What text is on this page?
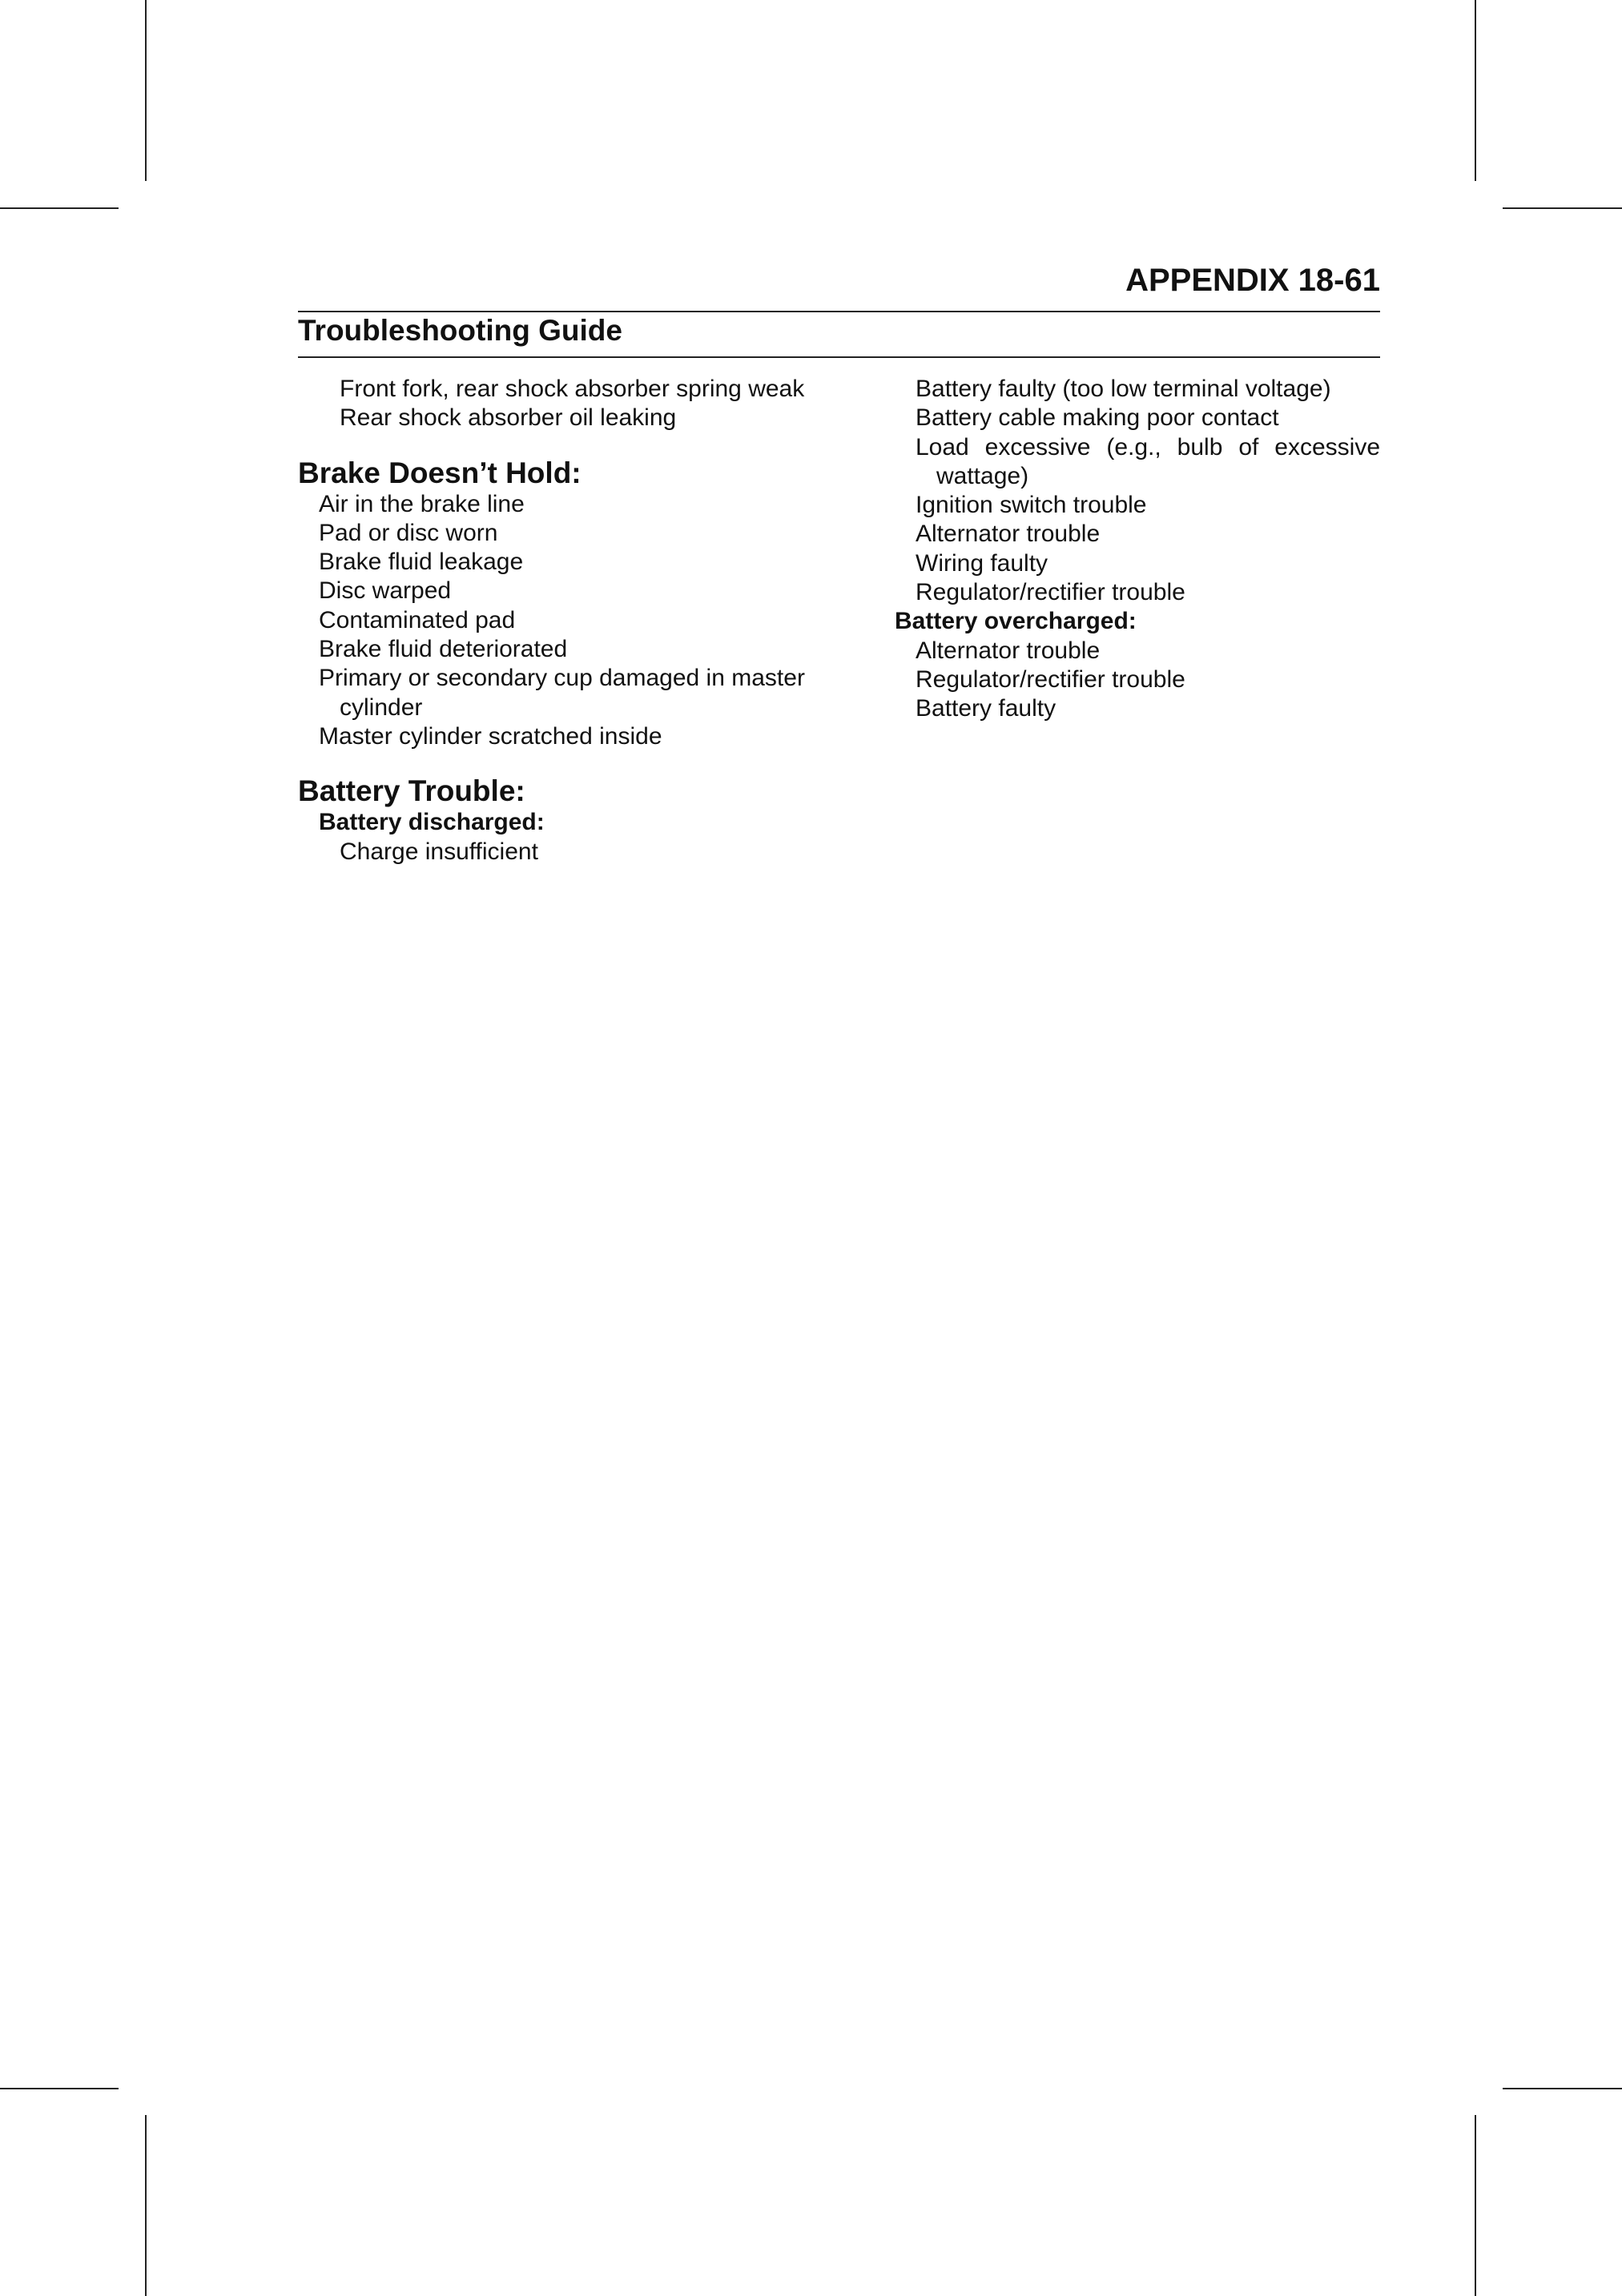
APPENDIX 18-61
Troubleshooting Guide
Front fork, rear shock absorber spring weak
Rear shock absorber oil leaking
Brake Doesn’t Hold:
Air in the brake line
Pad or disc worn
Brake fluid leakage
Disc warped
Contaminated pad
Brake fluid deteriorated
Primary or secondary cup damaged in master
cylinder
Master cylinder scratched inside
Battery Trouble:
Battery discharged:
Charge insufficient
Battery faulty (too low terminal voltage)
Battery cable making poor contact
Load excessive (e.g., bulb of excessive
wattage)
Ignition switch trouble
Alternator trouble
Wiring faulty
Regulator/rectifier trouble
Battery overcharged:
Alternator trouble
Regulator/rectifier trouble
Battery faulty
